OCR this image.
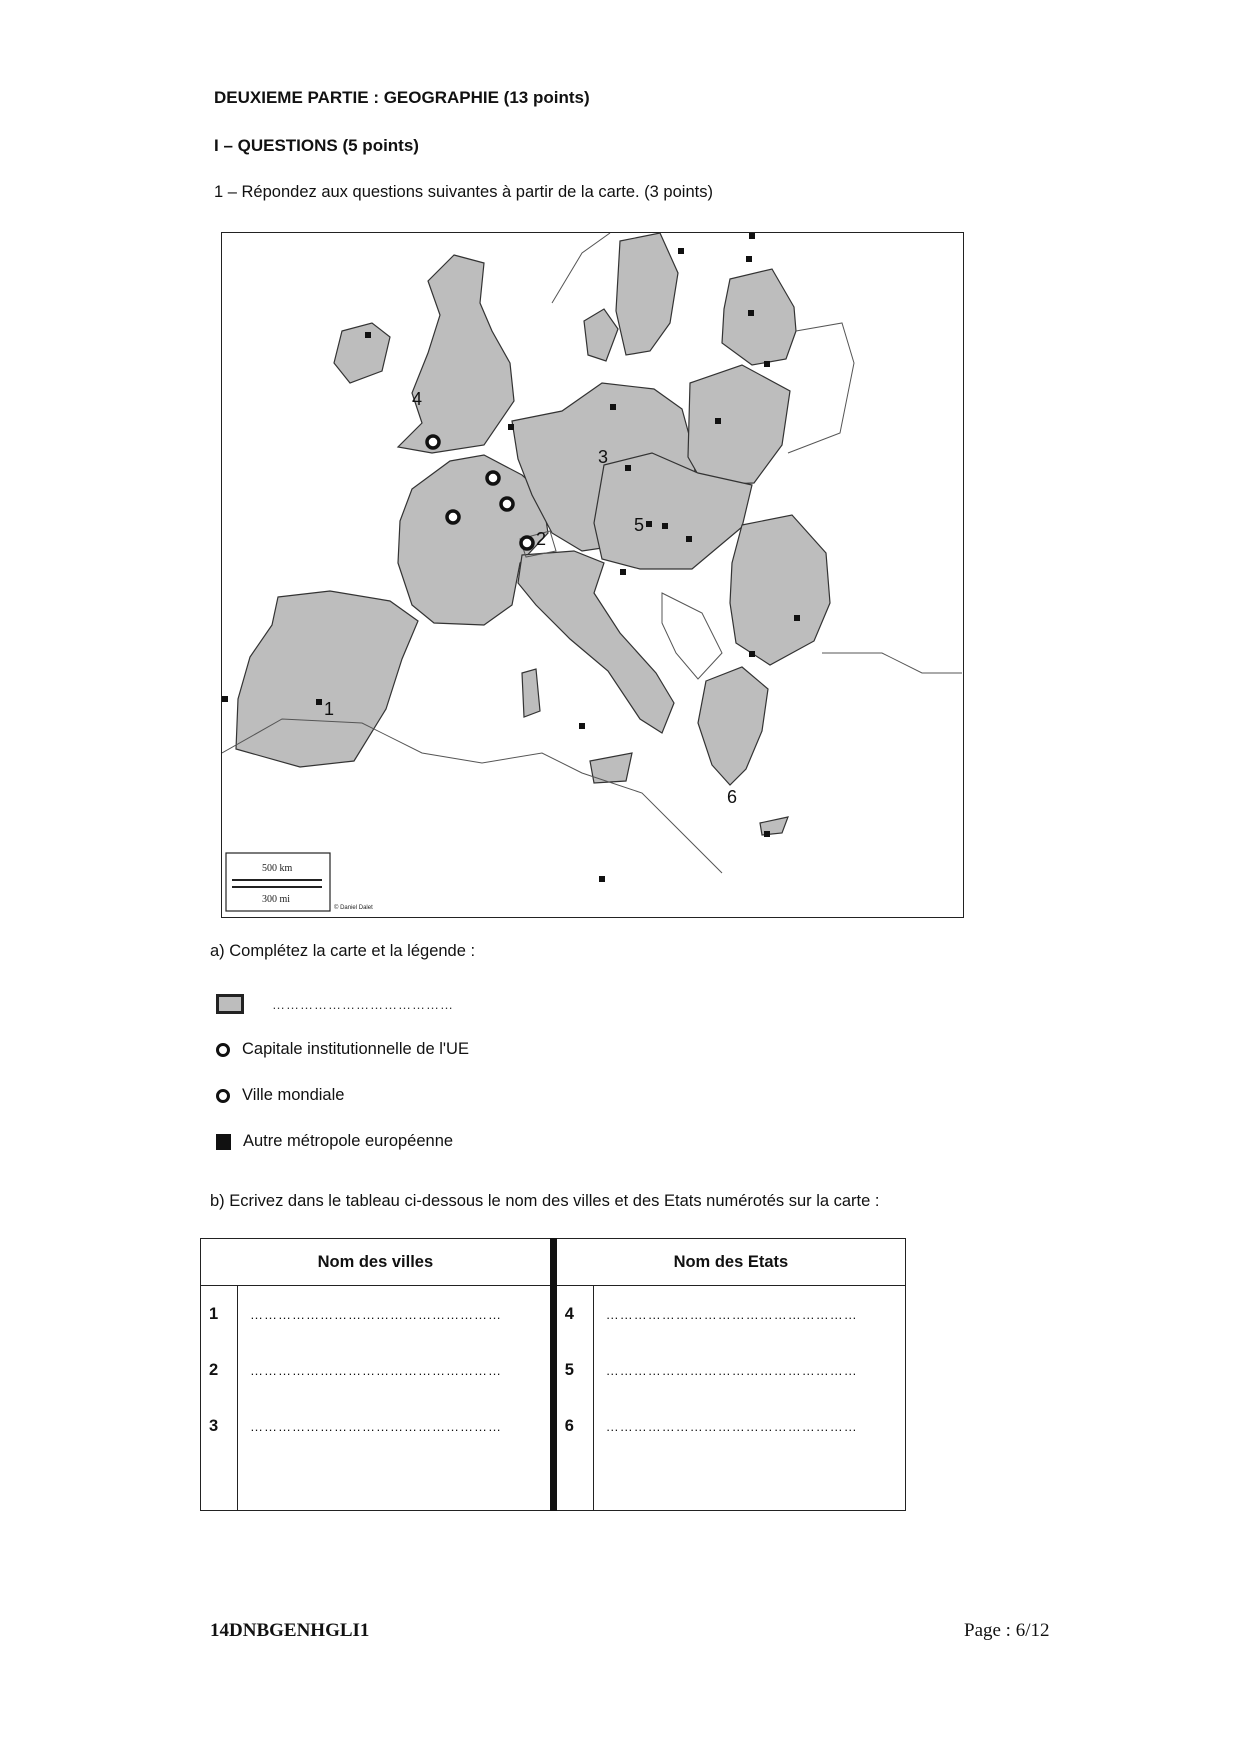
DEUXIEME PARTIE : GEOGRAPHIE (13 points)
I – QUESTIONS (5 points)
1 – Répondez aux questions suivantes à partir de la carte. (3 points)
1
2
3
4
5
6
500 km
300 mi
© Daniel Dalet
a) Complétez la carte et la légende :
…………………………………
Capitale institutionnelle de l'UE
Ville mondiale
Autre métropole européenne
b) Ecrivez dans le tableau ci-dessous le nom des villes et des Etats numérotés sur la carte :
Nom des villes		Nom des Etats	
1	………………………………………………	4	………………………………………………
2	………………………………………………	5	………………………………………………
3	………………………………………………	6	………………………………………………

14DNBGENHGLI1	Page : 6/12
